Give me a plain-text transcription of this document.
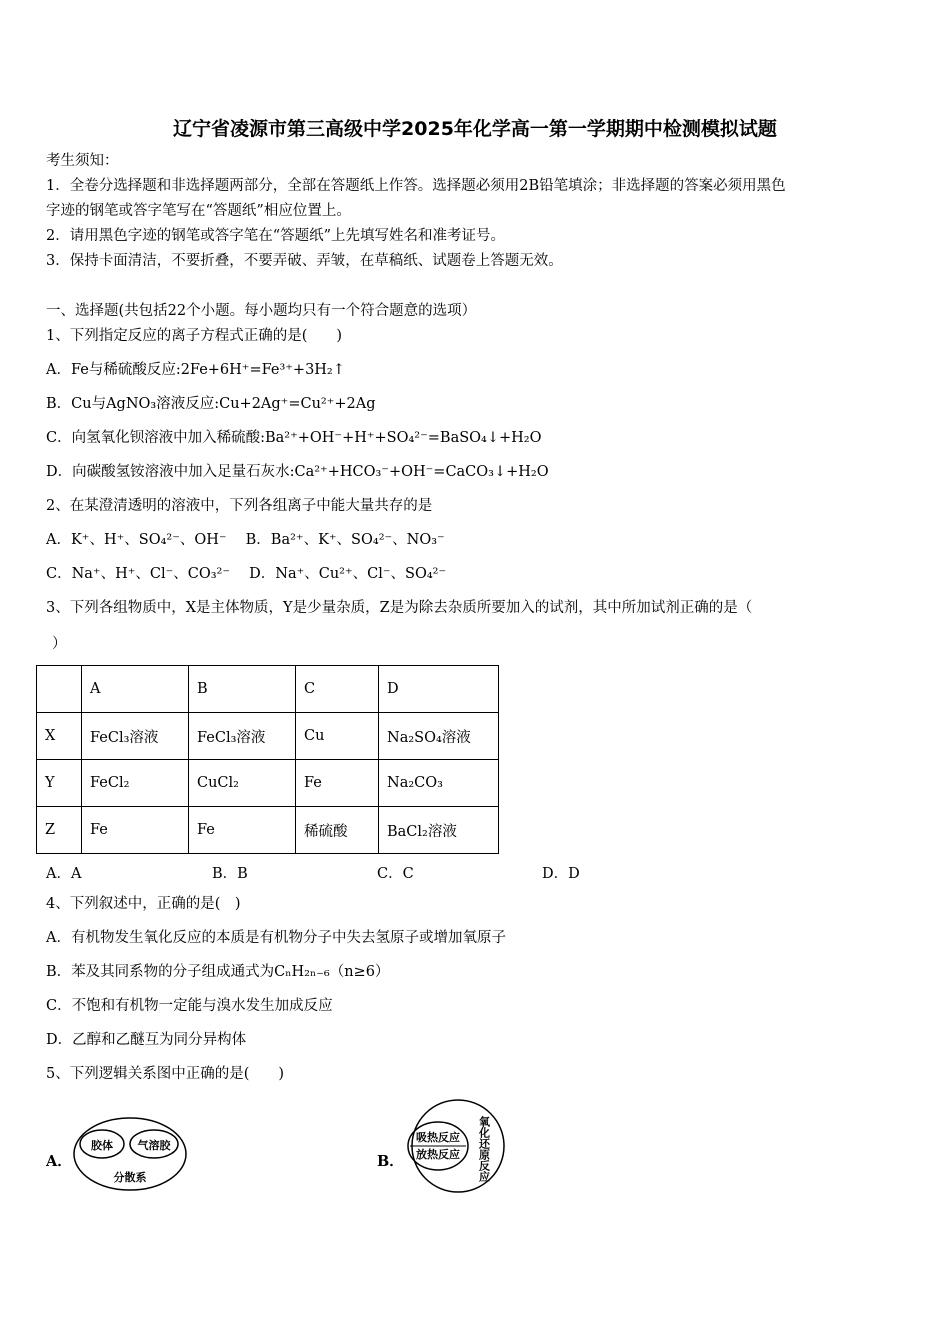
辽宁省凌源市第三高级中学2025年化学高一第一学期期中检测模拟试题
考生须知：
1．全卷分选择题和非选择题两部分，全部在答题纸上作答。选择题必须用2B铅笔填涂；非选择题的答案必须用黑色
字迹的钢笔或答字笔写在“答题纸”相应位置上。
2．请用黑色字迹的钢笔或答字笔在“答题纸”上先填写姓名和准考证号。
3．保持卡面清洁，不要折叠，不要弄破、弄皱，在草稿纸、试题卷上答题无效。
一、选择题(共包括22个小题。每小题均只有一个符合题意的选项）
1、下列指定反应的离子方程式正确的是(　　)
A．Fe与稀硫酸反应:2Fe+6H⁺=Fe³⁺+3H₂↑
B．Cu与AgNO₃溶液反应:Cu+2Ag⁺=Cu²⁺+2Ag
C．向氢氧化钡溶液中加入稀硫酸:Ba²⁺+OH⁻+H⁺+SO₄²⁻=BaSO₄↓+H₂O
D．向碳酸氢铵溶液中加入足量石灰水:Ca²⁺+HCO₃⁻+OH⁻=CaCO₃↓+H₂O
2、在某澄清透明的溶液中，下列各组离子中能大量共存的是
A．K⁺、H⁺、SO₄²⁻、OH⁻　 B．Ba²⁺、K⁺、SO₄²⁻、NO₃⁻
C．Na⁺、H⁺、Cl⁻、CO₃²⁻　 D．Na⁺、Cu²⁺、Cl⁻、SO₄²⁻
3、下列各组物质中，X是主体物质，Y是少量杂质，Z是为除去杂质所要加入的试剂，其中所加试剂正确的是（
）
	A	B	C	D
X	FeCl₃溶液	FeCl₃溶液	Cu	Na₂SO₄溶液
Y	FeCl₂	CuCl₂	Fe	Na₂CO₃
Z	Fe	Fe	稀硫酸	BaCl₂溶液
A．A	B．B	C．C	D．D
4、下列叙述中，正确的是(　)
A．有机物发生氧化反应的本质是有机物分子中失去氢原子或增加氧原子
B．苯及其同系物的分子组成通式为CₙH₂ₙ₋₆（n≥6）
C．不饱和有机物一定能与溴水发生加成反应
D．乙醇和乙醚互为同分异构体
5、下列逻辑关系图中正确的是(　　)
A．
胶体 气溶胶
分散系
B．
吸热反应
放热反应 氧化还原反应
